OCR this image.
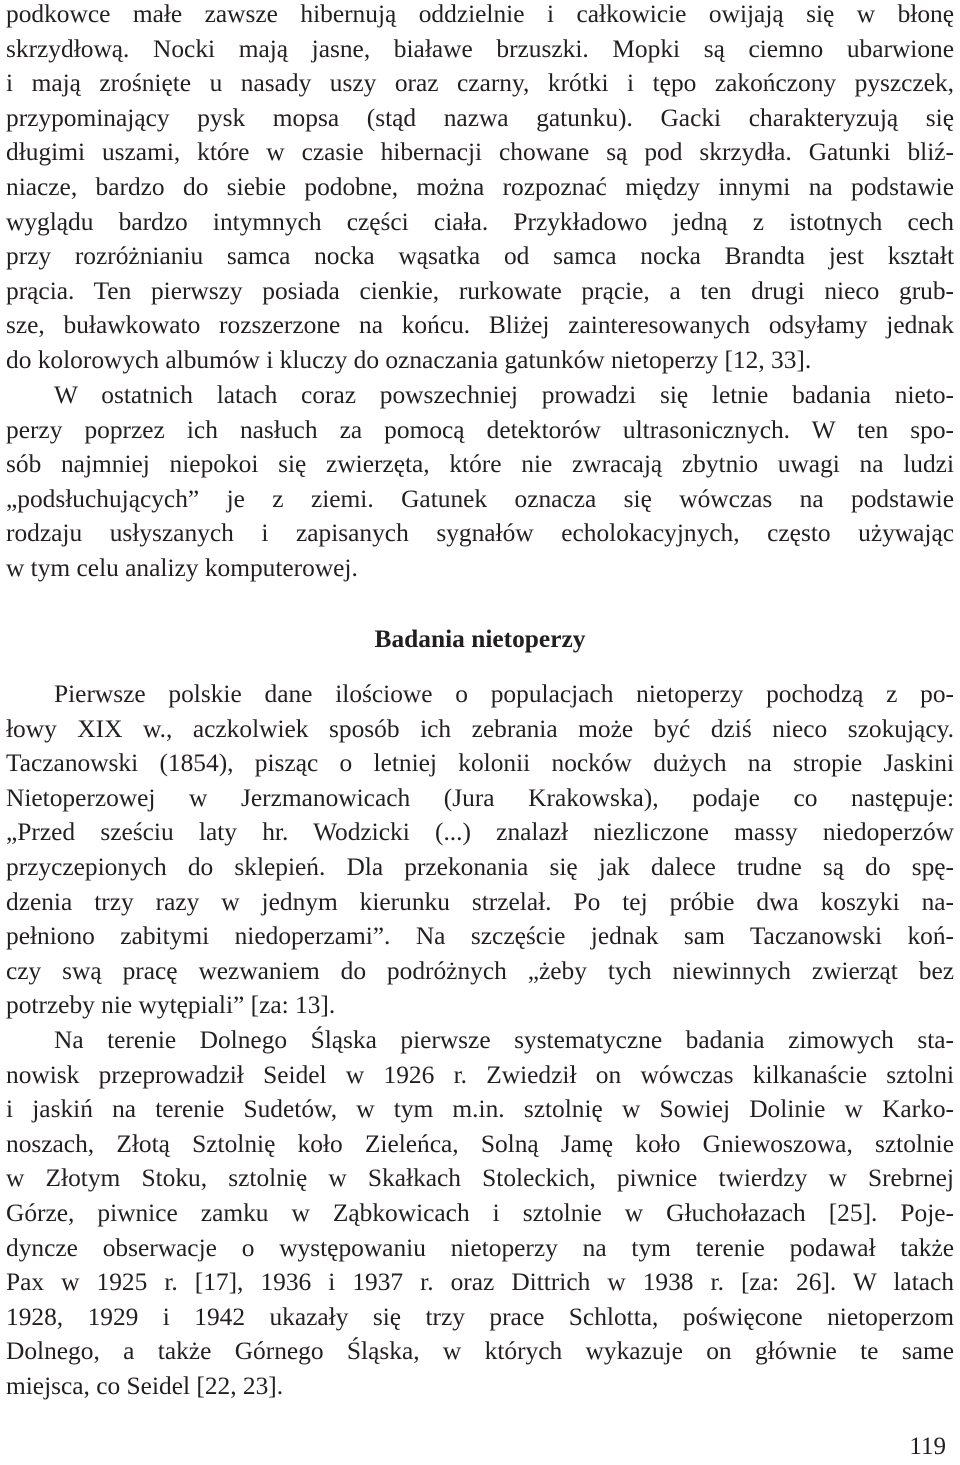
podkowce małe zawsze hibernują oddzielnie i całkowicie owijają się w błonę
skrzydłową. Nocki mają jasne, białawe brzuszki. Mopki są ciemno ubarwione
i mają zrośnięte u nasady uszy oraz czarny, krótki i tępo zakończony pyszczek,
przypominający pysk mopsa (stąd nazwa gatunku). Gacki charakteryzują się
długimi uszami, które w czasie hibernacji chowane są pod skrzydła. Gatunki bliź-
niacze, bardzo do siebie podobne, można rozpoznać między innymi na podstawie
wyglądu bardzo intymnych części ciała. Przykładowo jedną z istotnych cech
przy rozróżnianiu samca nocka wąsatka od samca nocka Brandta jest kształt
prącia. Ten pierwszy posiada cienkie, rurkowate prącie, a ten drugi nieco grub-
sze, buławkowato rozszerzone na końcu. Bliżej zainteresowanych odsyłamy jednak
do kolorowych albumów i kluczy do oznaczania gatunków nietoperzy [12, 33].
W ostatnich latach coraz powszechniej prowadzi się letnie badania nieto-
perzy poprzez ich nasłuch za pomocą detektorów ultrasonicznych. W ten spo-
sób najmniej niepokoi się zwierzęta, które nie zwracają zbytnio uwagi na ludzi
„podsłuchujących” je z ziemi. Gatunek oznacza się wówczas na podstawie
rodzaju usłyszanych i zapisanych sygnałów echolokacyjnych, często używając
w tym celu analizy komputerowej.
Badania nietoperzy
Pierwsze polskie dane ilościowe o populacjach nietoperzy pochodzą z po-
łowy XIX w., aczkolwiek sposób ich zebrania może być dziś nieco szokujący.
Taczanowski (1854), pisząc o letniej kolonii nocków dużych na stropie Jaskini
Nietoperzowej w Jerzmanowicach (Jura Krakowska), podaje co następuje:
„Przed sześciu laty hr. Wodzicki (...) znalazł niezliczone massy niedoperzów
przyczepionych do sklepień. Dla przekonania się jak dalece trudne są do spę-
dzenia trzy razy w jednym kierunku strzelał. Po tej próbie dwa koszyki na-
pełniono zabitymi niedoperzami”. Na szczęście jednak sam Taczanowski koń-
czy swą pracę wezwaniem do podróżnych „żeby tych niewinnych zwierząt bez
potrzeby nie wytępiali” [za: 13].
Na terenie Dolnego Śląska pierwsze systematyczne badania zimowych sta-
nowisk przeprowadził Seidel w 1926 r. Zwiedził on wówczas kilkanaście sztolni
i jaskiń na terenie Sudetów, w tym m.in. sztolnię w Sowiej Dolinie w Karko-
noszach, Złotą Sztolnię koło Zieleńca, Solną Jamę koło Gniewoszowa, sztolnie
w Złotym Stoku, sztolnię w Skałkach Stoleckich, piwnice twierdzy w Srebrnej
Górze, piwnice zamku w Ząbkowicach i sztolnie w Głuchołazach [25]. Poje-
dyncze obserwacje o występowaniu nietoperzy na tym terenie podawał także
Pax w 1925 r. [17], 1936 i 1937 r. oraz Dittrich w 1938 r. [za: 26]. W latach
1928, 1929 i 1942 ukazały się trzy prace Schlotta, poświęcone nietoperzom
Dolnego, a także Górnego Śląska, w których wykazuje on głównie te same
miejsca, co Seidel [22, 23].
119
